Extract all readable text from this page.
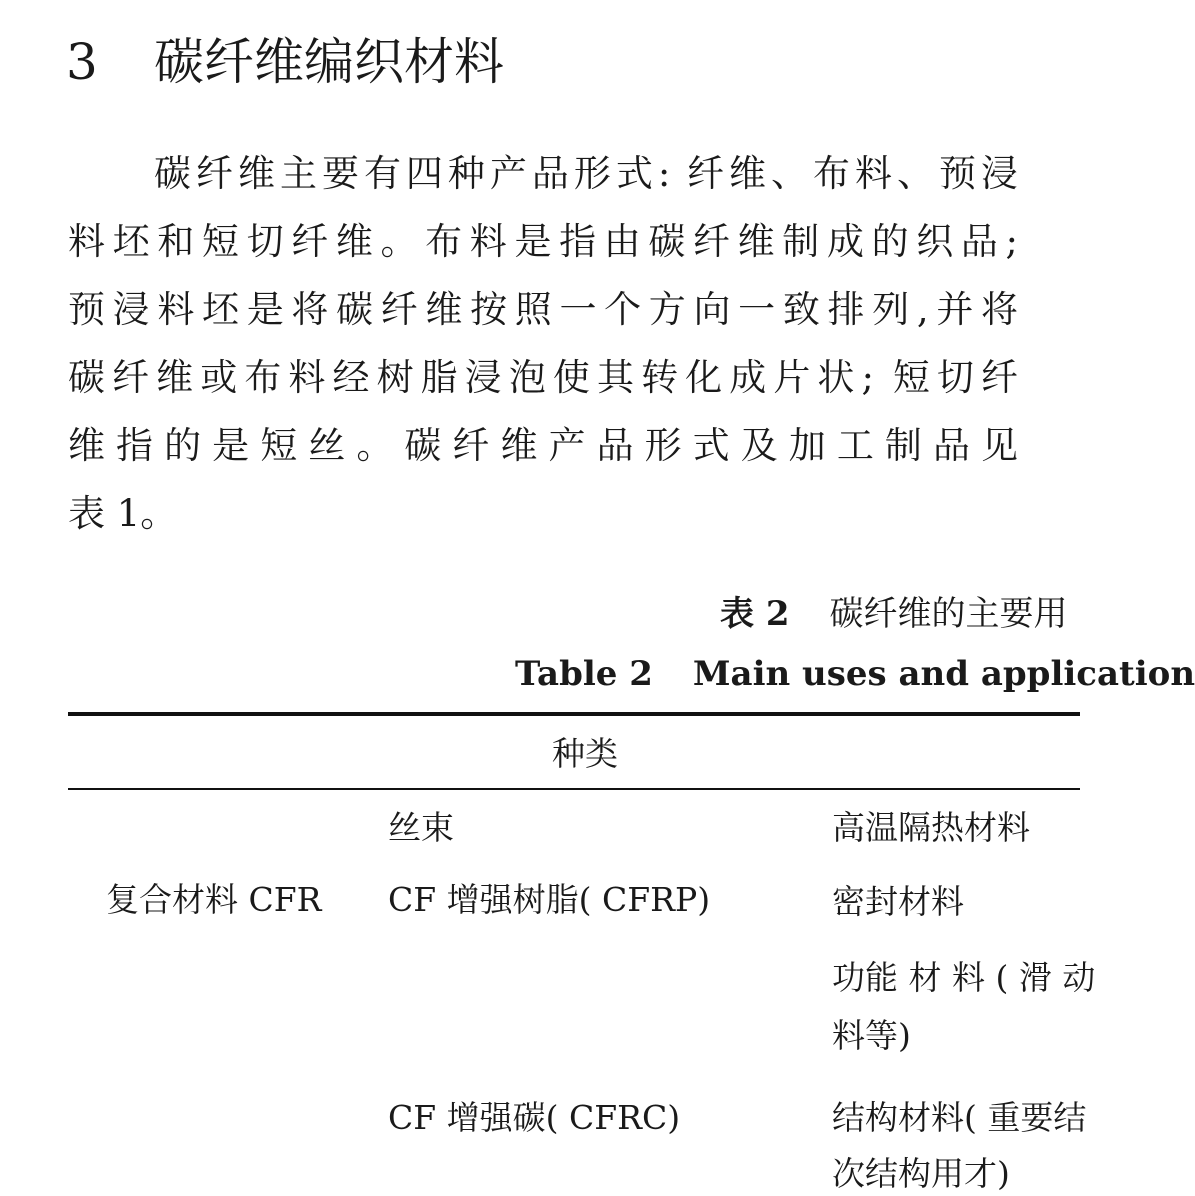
3 碳纤维编织材料
碳纤维主要有四种产品形式: 纤维、布料、预浸
料坯和短切纤维。布料是指由碳纤维制成的织品;
预浸料坯是将碳纤维按照一个方向一致排列,并将
碳纤维或布料经树脂浸泡使其转化成片状; 短切纤
维指的是短丝。碳纤维产品形式及加工制品见
表 1。
表 2 碳纤维的主要用
Table 2 Main uses and application
种类
复合材料 CFR
丝束
CF 增强树脂( CFRP)
CF 增强碳( CFRC)
高温隔热材料
密封材料
功能 材 料 ( 滑 动
料等)
结构材料( 重要结
次结构用才)
